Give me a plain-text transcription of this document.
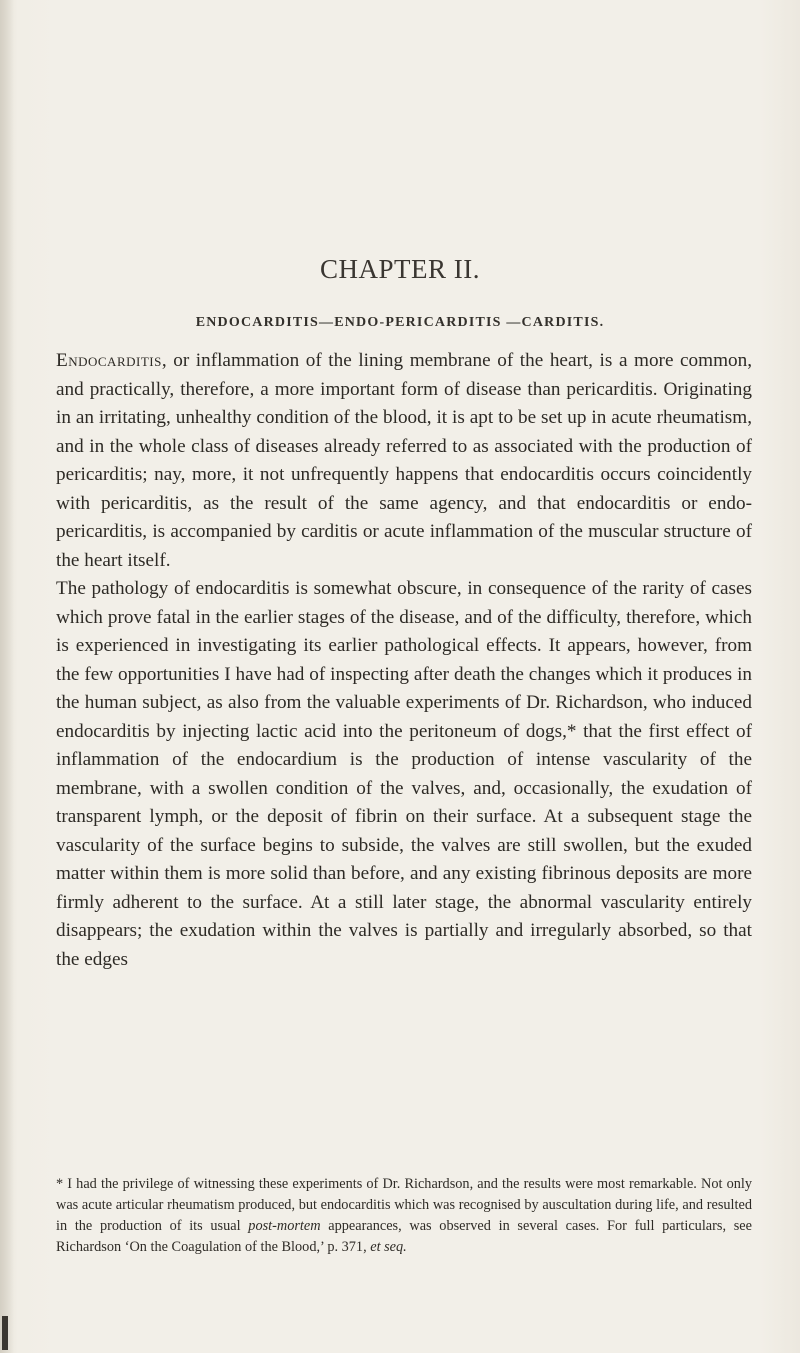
CHAPTER II.
ENDOCARDITIS—ENDO-PERICARDITIS —CARDITIS.

Endocarditis, or inflammation of the lining membrane of the heart, is a more common, and practically, therefore, a more important form of disease than pericarditis. Originating in an irritating, unhealthy condition of the blood, it is apt to be set up in acute rheumatism, and in the whole class of diseases already referred to as associated with the production of pericarditis; nay, more, it not unfrequently happens that endocarditis occurs coincidently with pericarditis, as the result of the same agency, and that endocarditis or endo-pericarditis, is accompanied by carditis or acute inflammation of the muscular structure of the heart itself.

The pathology of endocarditis is somewhat obscure, in consequence of the rarity of cases which prove fatal in the earlier stages of the disease, and of the difficulty, therefore, which is experienced in investigating its earlier pathological effects. It appears, however, from the few opportunities I have had of inspecting after death the changes which it produces in the human subject, as also from the valuable experiments of Dr. Richardson, who induced endocarditis by injecting lactic acid into the peritoneum of dogs,* that the first effect of inflammation of the endocardium is the production of intense vascularity of the membrane, with a swollen condition of the valves, and, occasionally, the exudation of transparent lymph, or the deposit of fibrin on their surface. At a subsequent stage the vascularity of the surface begins to subside, the valves are still swollen, but the exuded matter within them is more solid than before, and any existing fibrinous deposits are more firmly adherent to the surface. At a still later stage, the abnormal vascularity entirely disappears; the exudation within the valves is partially and irregularly absorbed, so that the edges

* I had the privilege of witnessing these experiments of Dr. Richardson, and the results were most remarkable. Not only was acute articular rheumatism produced, but endocarditis which was recognised by auscultation during life, and resulted in the production of its usual post-mortem appearances, was observed in several cases. For full particulars, see Richardson ‘On the Coagulation of the Blood,’ p. 371, et seq.
